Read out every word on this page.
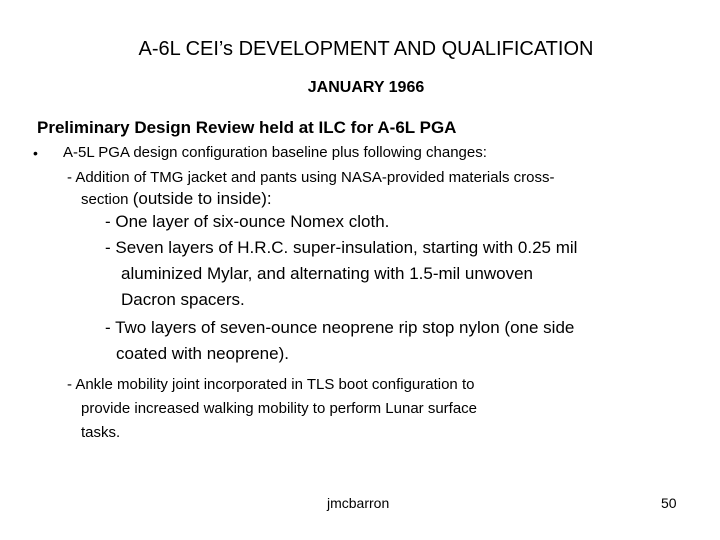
A-6L CEI’s DEVELOPMENT AND QUALIFICATION
JANUARY 1966
Preliminary Design Review held at ILC for A-6L PGA
• A-5L PGA design configuration baseline plus following changes:
- Addition of TMG jacket and pants using NASA-provided materials cross-
section (outside to inside):
- One layer of six-ounce Nomex cloth.
- Seven layers of H.R.C. super-insulation, starting with 0.25 mil
aluminized Mylar, and alternating with 1.5-mil unwoven
Dacron spacers.
- Two layers of seven-ounce neoprene rip stop nylon (one side
coated with neoprene).
- Ankle mobility joint incorporated in TLS boot configuration to
provide increased walking mobility to perform Lunar surface
tasks.
jmcbarron	50
